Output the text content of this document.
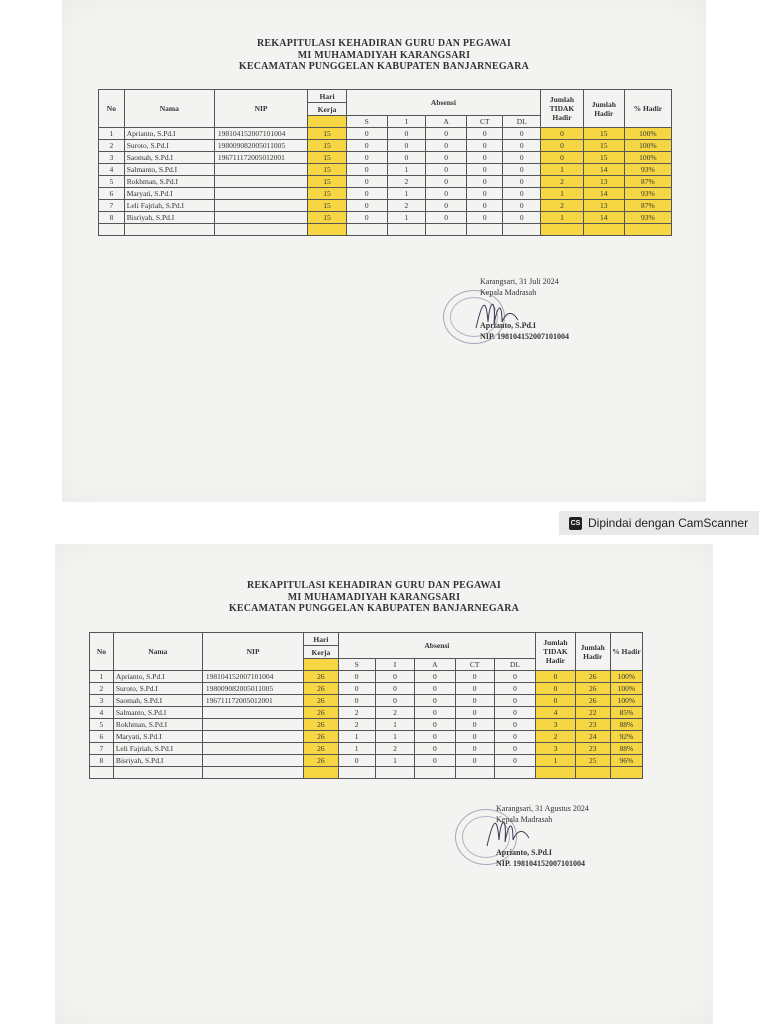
REKAPITULASI KEHADIRAN GURU DAN PEGAWAI
MI MUHAMADIYAH KARANGSARI
KECAMATAN PUNGGELAN KABUPATEN BANJARNEGARA
No	Nama	NIP	Hari	Absensi					Jumlah TIDAK Hadir	Jumlah Hadir	% Hadir
			Kerja								
				S	I	A	CT	DL			
1	Aprianto, S.Pd.I	198104152007101004	15	0	0	0	0	0	0	15	100%
2	Suroto, S.Pd.I	198009082005011005	15	0	0	0	0	0	0	15	100%
3	Saomah, S.Pd.I	196711172005012001	15	0	0	0	0	0	0	15	100%
4	Salmanto, S.Pd.I		15	0	1	0	0	0	1	14	93%
5	Rokhman, S.Pd.I		15	0	2	0	0	0	2	13	87%
6	Maryati, S.Pd.I		15	0	1	0	0	0	1	14	93%
7	Leli Fajriah, S.Pd.I		15	0	2	0	0	0	2	13	87%
8	Bisriyah, S.Pd.I		15	0	1	0	0	0	1	14	93%

Karangsari, 31 Juli 2024
Kepala Madrasah
Aprianto, S.Pd.I
NIP. 198104152007101004
CS Dipindai dengan CamScanner
REKAPITULASI KEHADIRAN GURU DAN PEGAWAI
MI MUHAMADIYAH KARANGSARI
KECAMATAN PUNGGELAN KABUPATEN BANJARNEGARA
No	Nama	NIP	Hari	Absensi					Jumlah TIDAK Hadir	Jumlah Hadir	% Hadir
			Kerja								
				S	I	A	CT	DL			
1	Aprianto, S.Pd.I	198104152007101004	26	0	0	0	0	0	0	26	100%
2	Suroto, S.Pd.I	198009082005011005	26	0	0	0	0	0	0	26	100%
3	Saomah, S.Pd.I	196711172005012001	26	0	0	0	0	0	0	26	100%
4	Salmanto, S.Pd.I		26	2	2	0	0	0	4	22	85%
5	Rokhman, S.Pd.I		26	2	1	0	0	0	3	23	88%
6	Maryati, S.Pd.I		26	1	1	0	0	0	2	24	92%
7	Leli Fajriah, S.Pd.I		26	1	2	0	0	0	3	23	88%
8	Bisriyah, S.Pd.I		26	0	1	0	0	0	1	25	96%

Karangsari, 31 Agustus 2024
Kepala Madrasah
Aprianto, S.Pd.I
NIP. 198104152007101004
